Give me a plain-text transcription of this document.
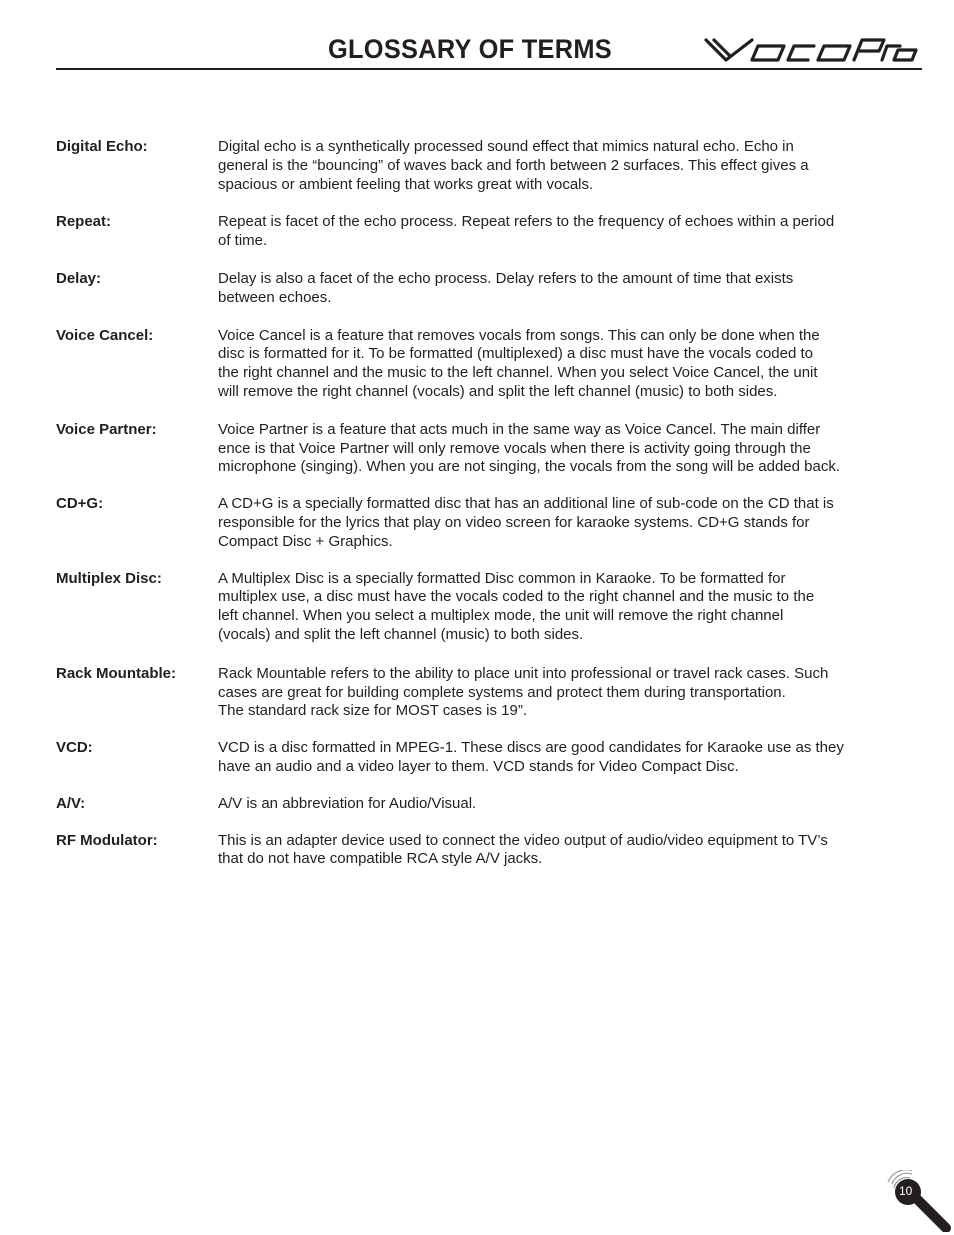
GLOSSARY OF TERMS
Digital Echo:	Digital echo is a synthetically processed sound effect that mimics natural echo. Echo in
general is the “bouncing” of waves back and forth between 2 surfaces. This effect gives a
spacious or ambient feeling that works great with vocals.
Repeat:	Repeat is facet of the echo process. Repeat refers to the frequency of echoes within a period
of time.
Delay:	Delay is also a facet of the echo process. Delay refers to the amount of time that exists
between echoes.
Voice Cancel:	Voice Cancel is a feature that removes vocals from songs. This can only be done when the
disc is formatted for it. To be formatted (multiplexed) a disc must have the vocals coded to
the right channel and the music to the left channel. When you select Voice Cancel, the unit
will remove the right channel (vocals) and split the left channel (music) to both sides.
Voice Partner:	Voice Partner is a feature that acts much in the same way as Voice Cancel. The main differ
ence is that Voice Partner will only remove vocals when there is activity going through the
microphone (singing). When you are not singing, the vocals from the song will be added back.
CD+G:	A CD+G is a specially formatted disc that has an additional line of sub-code on the CD that is
responsible for the lyrics that play on video screen for karaoke systems. CD+G stands for
Compact Disc + Graphics.
Multiplex Disc:	A Multiplex Disc is a specially formatted Disc common in Karaoke. To be formatted for
multiplex use, a disc must have the vocals coded to the right channel and the music to the
left channel. When you select a multiplex mode, the unit will remove the right channel
(vocals) and split the left channel (music) to both sides.
Rack Mountable:	Rack Mountable refers to the ability to place unit into professional or travel rack cases. Such
cases are great for building complete systems and protect them during transportation.
The standard rack size for MOST cases is 19”.
VCD:	VCD is a disc formatted in MPEG-1. These discs are good candidates for Karaoke use as they
have an audio and a video layer to them. VCD stands for Video Compact Disc.
A/V:	A/V is an abbreviation for Audio/Visual.
RF Modulator:	This is an adapter device used to connect the video output of audio/video equipment to TV’s
that do not have compatible RCA style A/V jacks.
10
